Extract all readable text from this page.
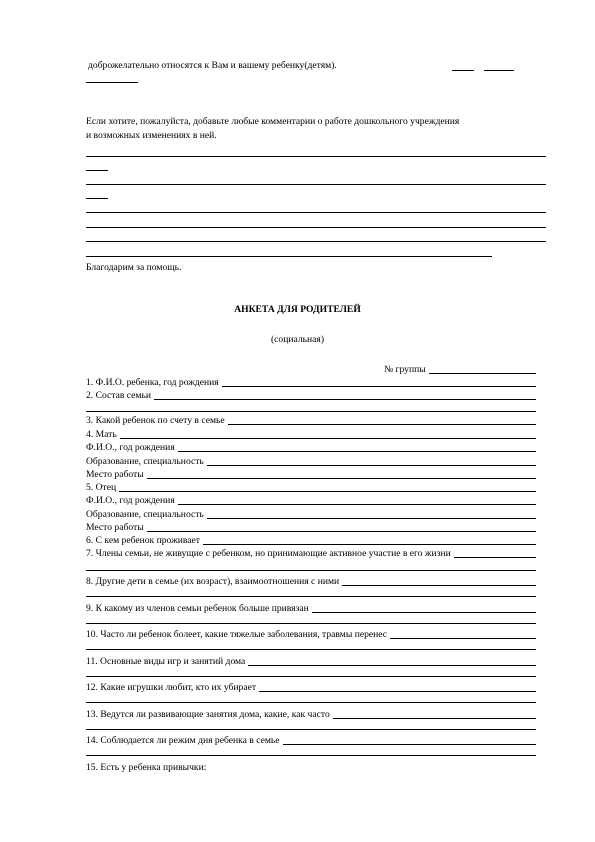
доброжелательно относятся к Вам и вашему ребенку(детям).
Если хотите, пожалуйста, добавьте любые комментарии о работе дошкольного учреждения
и возможных изменениях в ней.
Благодарим за помощь.
АНКЕТА ДЛЯ РОДИТЕЛЕЙ
(социальная)
№ группы
1. Ф.И.О. ребенка, год рождения
2. Состав семьи
3. Какой ребенок по счету в семье
4. Мать
Ф.И.О., год рождения
Образование, специальность
Место работы
5. Отец
Ф.И.О., год рождения
Образование, специальность
Место работы
6. С кем ребенок проживает
7. Члены семьи, не живущие с ребенком, но принимающие активное участие в его жизни
8. Другие дети в семье (их возраст), взаимоотношения с ними
9. К какому из членов семьи ребенок больше привязан
10. Часто ли ребенок болеет, какие тяжелые заболевания, травмы перенес
11. Основные виды игр и занятий дома
12. Какие игрушки любит, кто их убирает
13. Ведутся ли развивающие занятия дома, какие, как часто
14. Соблюдается ли режим дня ребенка в семье
15. Есть у ребенка привычки:
